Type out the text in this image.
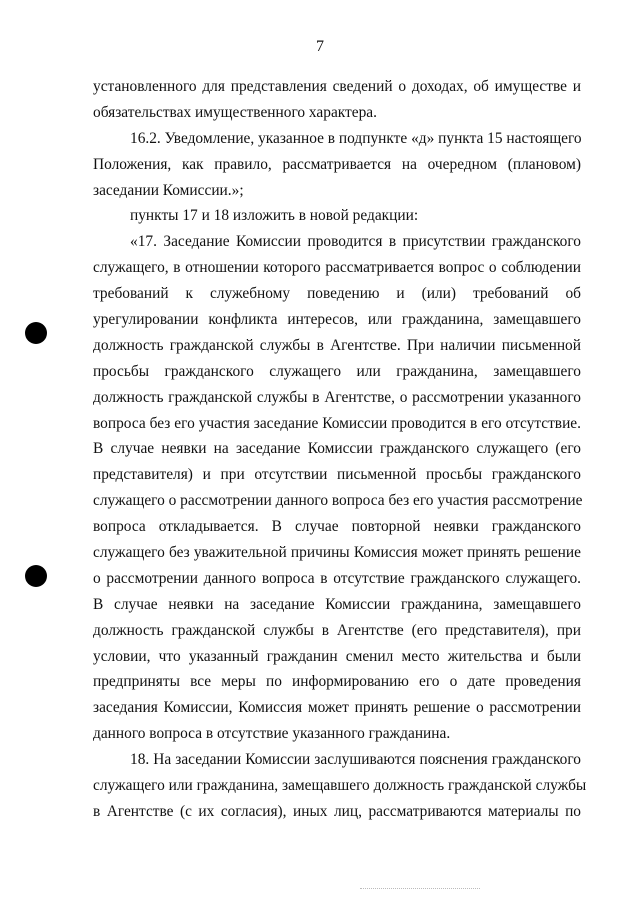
7
установленного для представления сведений о доходах, об имуществе и
обязательствах имущественного характера.
16.2. Уведомление, указанное в подпункте «д» пункта 15 настоящего
Положения, как правило, рассматривается на очередном (плановом)
заседании Комиссии.»;
пункты 17 и 18 изложить в новой редакции:
«17. Заседание Комиссии проводится в присутствии гражданского
служащего, в отношении которого рассматривается вопрос о соблюдении
требований к служебному поведению и (или) требований об
урегулировании конфликта интересов, или гражданина, замещавшего
должность гражданской службы в Агентстве. При наличии письменной
просьбы гражданского служащего или гражданина, замещавшего
должность гражданской службы в Агентстве, о рассмотрении указанного
вопроса без его участия заседание Комиссии проводится в его отсутствие.
В случае неявки на заседание Комиссии гражданского служащего (его
представителя) и при отсутствии письменной просьбы гражданского
служащего о рассмотрении данного вопроса без его участия рассмотрение
вопроса откладывается. В случае повторной неявки гражданского
служащего без уважительной причины Комиссия может принять решение
о рассмотрении данного вопроса в отсутствие гражданского служащего.
В случае неявки на заседание Комиссии гражданина, замещавшего
должность гражданской службы в Агентстве (его представителя), при
условии, что указанный гражданин сменил место жительства и были
предприняты все меры по информированию его о дате проведения
заседания Комиссии, Комиссия может принять решение о рассмотрении
данного вопроса в отсутствие указанного гражданина.
18. На заседании Комиссии заслушиваются пояснения гражданского
служащего или гражданина, замещавшего должность гражданской службы
в Агентстве (с их согласия), иных лиц, рассматриваются материалы по
